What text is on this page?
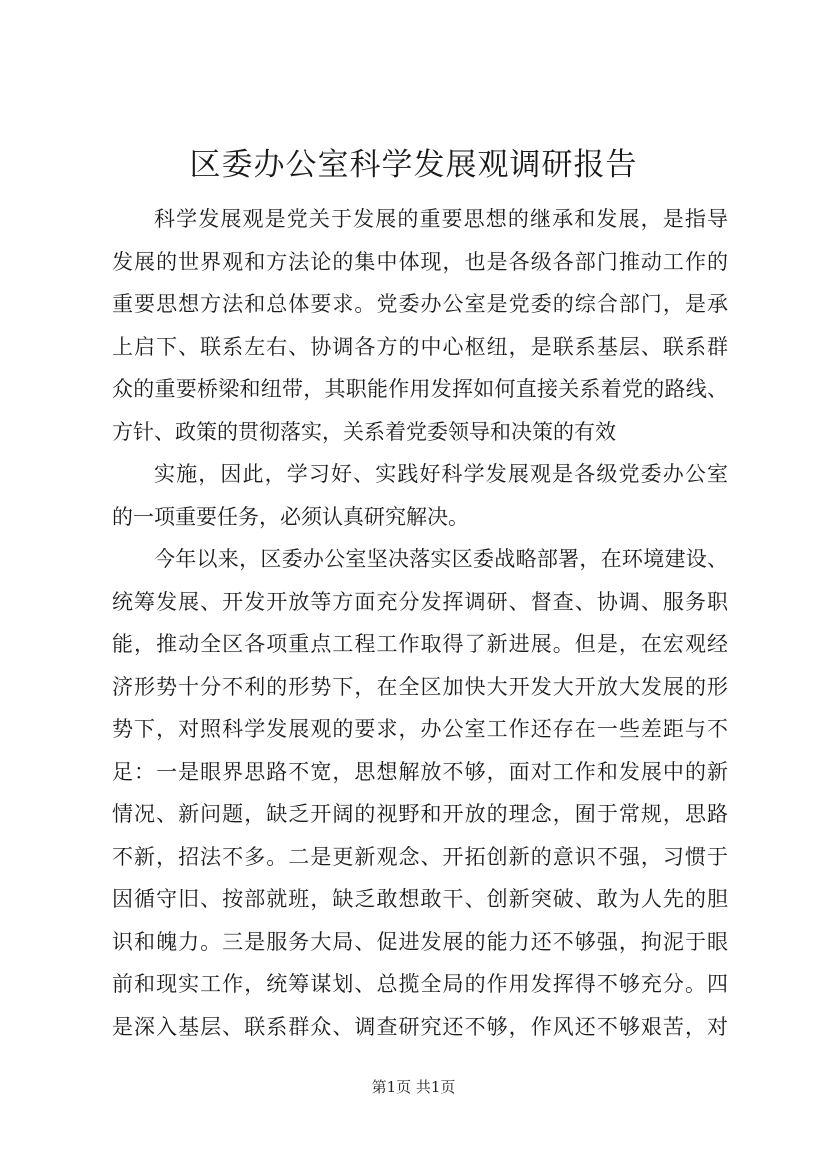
区委办公室科学发展观调研报告
科学发展观是党关于发展的重要思想的继承和发展，是指导
发展的世界观和方法论的集中体现，也是各级各部门推动工作的
重要思想方法和总体要求。党委办公室是党委的综合部门，是承
上启下、联系左右、协调各方的中心枢纽，是联系基层、联系群
众的重要桥梁和纽带，其职能作用发挥如何直接关系着党的路线、
方针、政策的贯彻落实，关系着党委领导和决策的有效
实施，因此，学习好、实践好科学发展观是各级党委办公室
的一项重要任务，必须认真研究解决。
今年以来，区委办公室坚决落实区委战略部署，在环境建设、
统筹发展、开发开放等方面充分发挥调研、督查、协调、服务职
能，推动全区各项重点工程工作取得了新进展。但是，在宏观经
济形势十分不利的形势下，在全区加快大开发大开放大发展的形
势下，对照科学发展观的要求，办公室工作还存在一些差距与不
足：一是眼界思路不宽，思想解放不够，面对工作和发展中的新
情况、新问题，缺乏开阔的视野和开放的理念，囿于常规，思路
不新，招法不多。二是更新观念、开拓创新的意识不强，习惯于
因循守旧、按部就班，缺乏敢想敢干、创新突破、敢为人先的胆
识和魄力。三是服务大局、促进发展的能力还不够强，拘泥于眼
前和现实工作，统筹谋划、总揽全局的作用发挥得不够充分。四
是深入基层、联系群众、调查研究还不够，作风还不够艰苦，对
第1页 共1页
